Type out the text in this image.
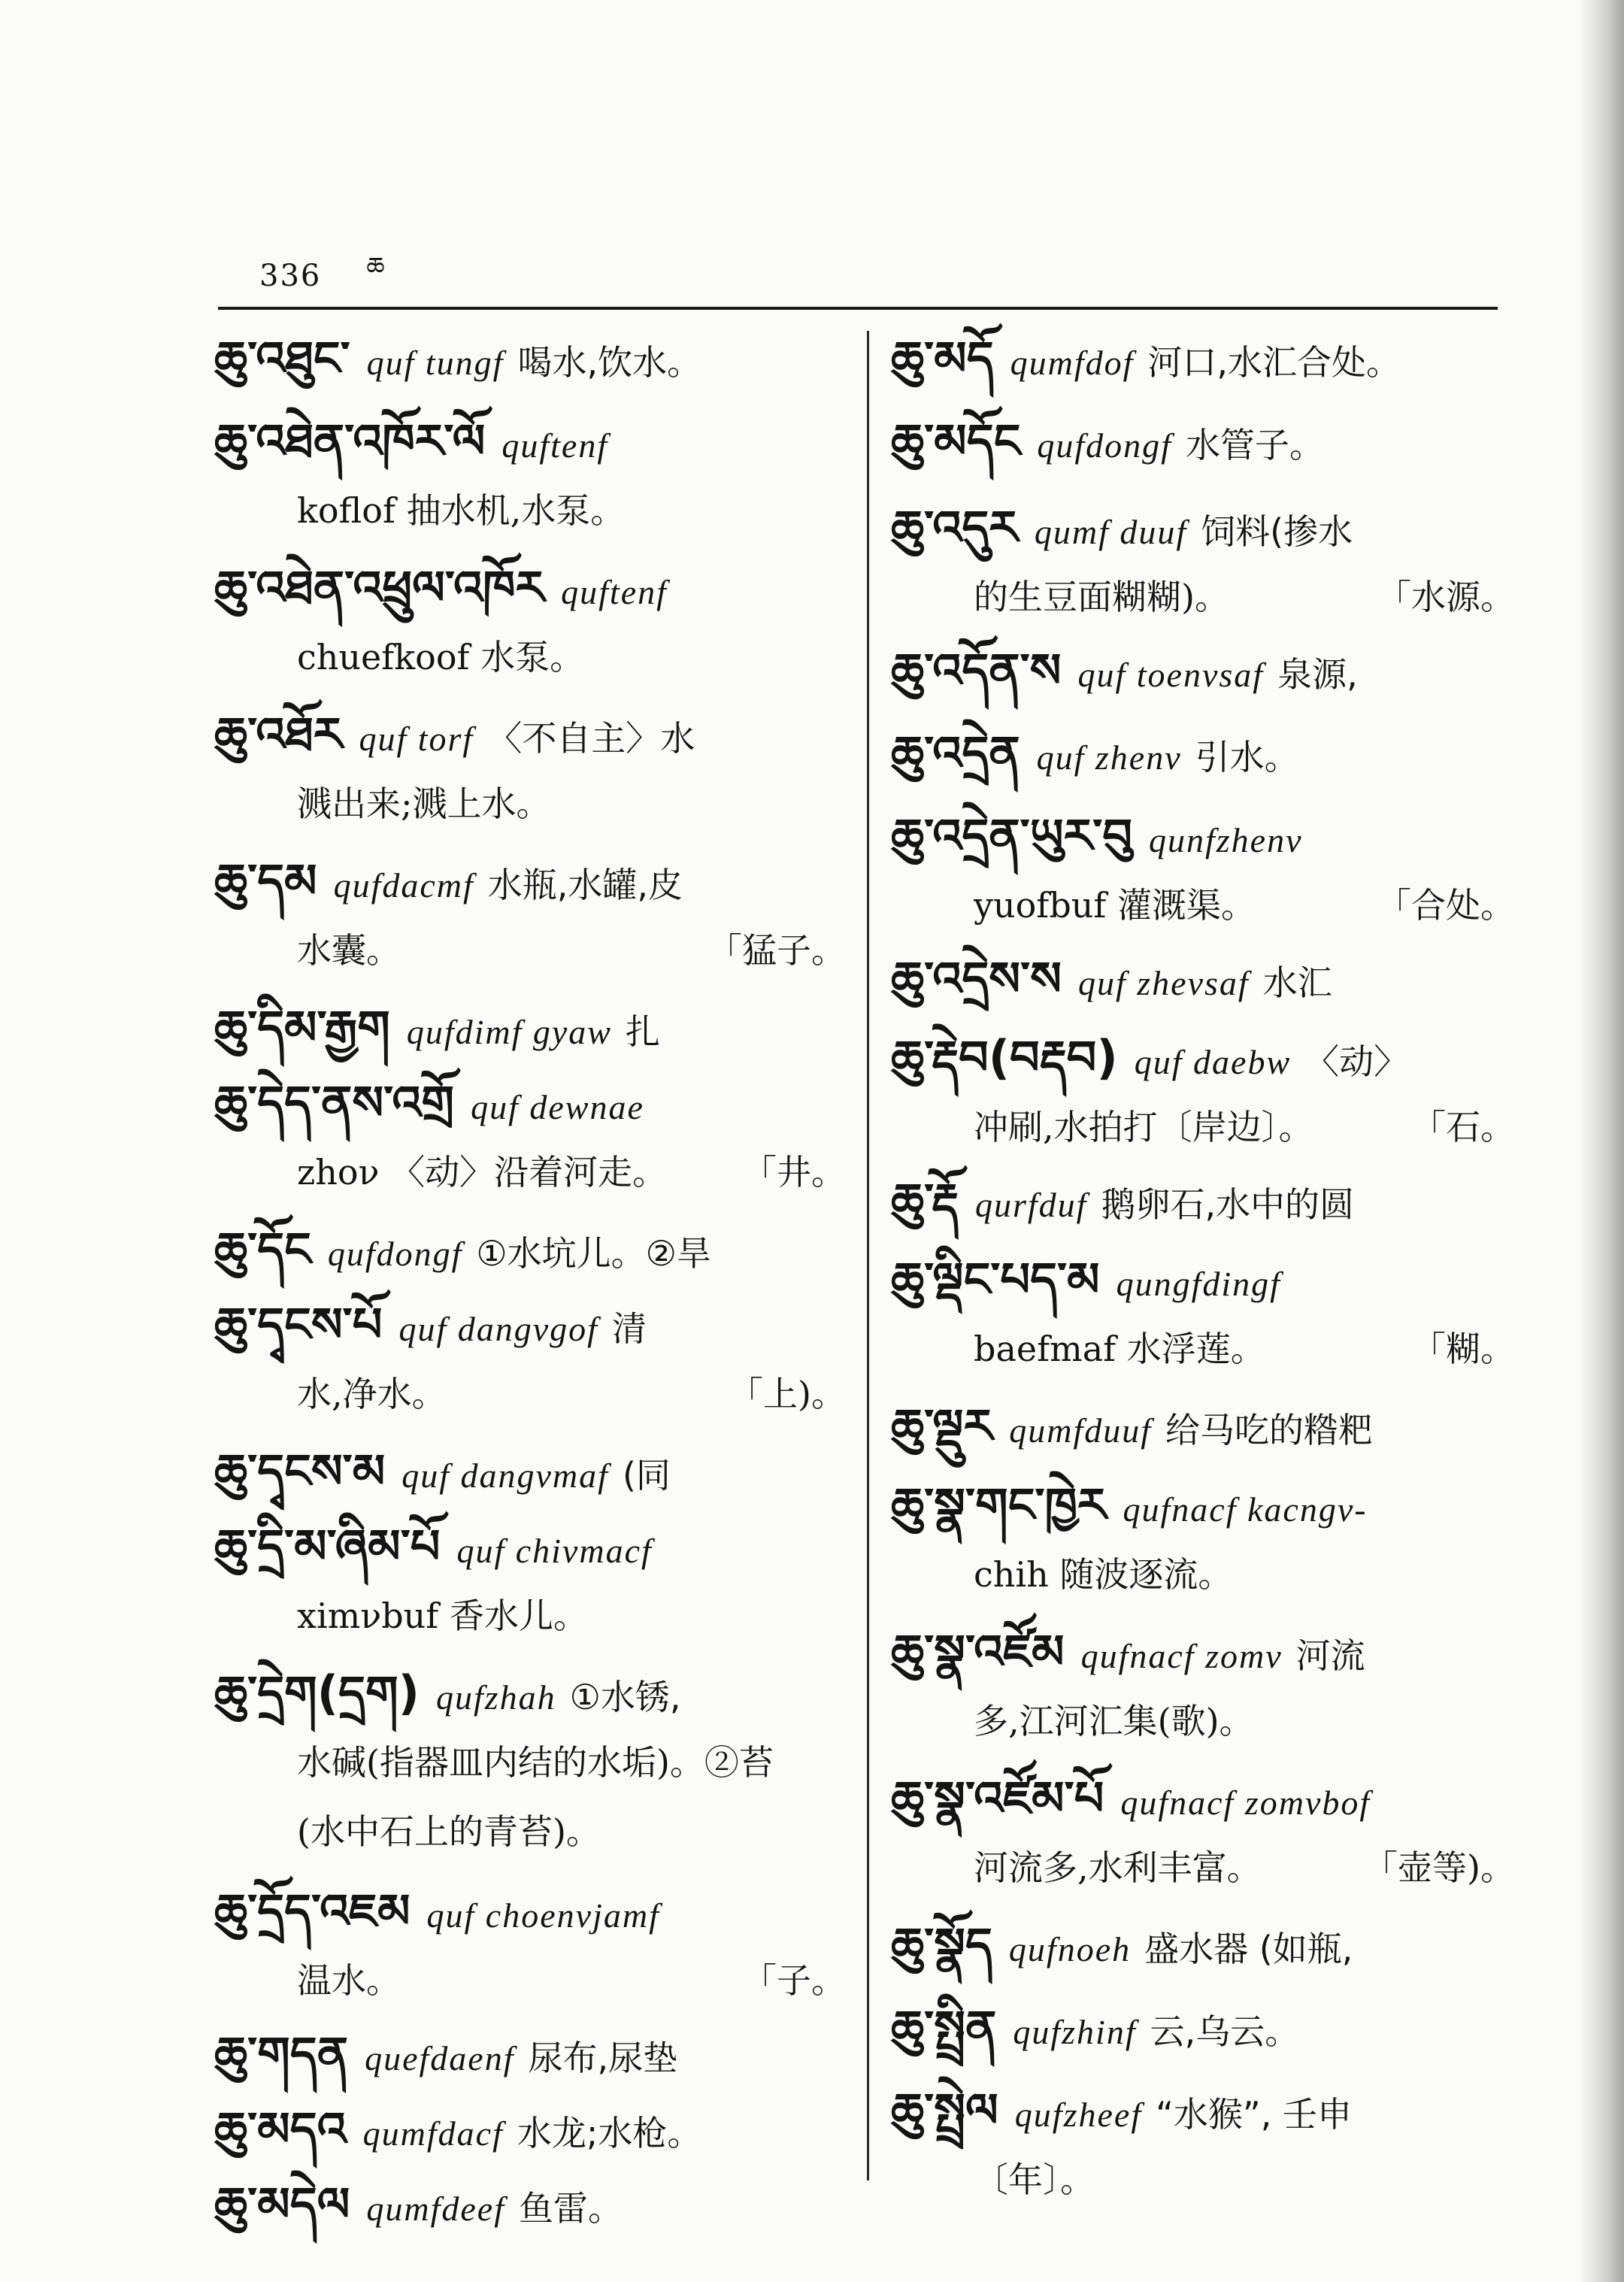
336 $^ཆ$
ཆུ་འཐུང་ quf tungf 喝水,饮水。
ཆུ་འཐེན་འཁོར་ལོ quftenf
koflof 抽水机,水泵。
ཆུ་འཐེན་འཕྲུལ་འཁོར quftenf
chuefkoof 水泵。
ཆུ་འཐོར quf torf 〈不自主〉水
溅出来;溅上水。
ཆུ་དམ qufdacmf 水瓶,水罐,皮
水囊。	「猛子。
ཆུ་དིམ་རྒྱག qufdimf gyaw 扎
ཆུ་དེད་ནས་འགྲོ quf dewnae
zhoν 〈动〉沿着河走。 「井。
ཆུ་དོང qufdongf ①水坑儿。②旱
ཆུ་དྭངས་པོ quf dangνgof 清
水,净水。	「上)。
ཆུ་དྭངས་མ quf dangνmaf (同
ཆུ་དྲི་མ་ཞིམ་པོ quf chiνmacf
ximνbuf 香水儿。
ཆུ་དྲེག(དྲག) qufzhah ①水锈,
水碱(指器皿内结的水垢)。②苔
(水中石上的青苔)。
ཆུ་དྲོད་འཇམ quf choenνjamf
温水。	「子。
ཆུ་གདན quefdaenf 尿布,尿垫
ཆུ་མདའ qumfdacf 水龙;水枪。
ཆུ་མདེལ qumfdeef 鱼雷。
ཆུ་མདོ qumfdof 河口,水汇合处。
ཆུ་མདོང qufdongf 水管子。
ཆུ་འདུར qumf duuf 饲料(掺水
的生豆面糊糊)。	「水源。
ཆུ་འདོན་ས quf toenνsaf 泉源,
ཆུ་འདྲེན quf zhenν 引水。
ཆུ་འདྲེན་ཡུར་བུ qunfzhenν
yuofbuf 灌溉渠。	「合处。
ཆུ་འདྲེས་ས quf zheνsaf 水汇
ཆུ་རྡེབ(བརྡབ) quf daebw 〈动〉
冲刷,水拍打〔岸边〕。	「石。
ཆུ་རྡོ qurfduf 鹅卵石,水中的圆
ཆུ་ལྡིང་པད་མ qungfdingf
baefmaf 水浮莲。	「糊。
ཆུ་ལྡུར qumfduuf 给马吃的糌粑
ཆུ་སྣ་གང་ཁྱེར qufnacf kacngν-
chih 随波逐流。
ཆུ་སྣ་འཛོམ qufnacf zomν 河流
多,江河汇集(歌)。
ཆུ་སྣ་འཛོམ་པོ qufnacf zomνbof
河流多,水利丰富。	「壶等)。
ཆུ་སྣོད qufnoeh 盛水器 (如瓶,
ཆུ་སྤྲིན qufzhinf 云,乌云。
ཆུ་སྤྲེལ qufzheef “水猴”, 壬申
〔年〕。
